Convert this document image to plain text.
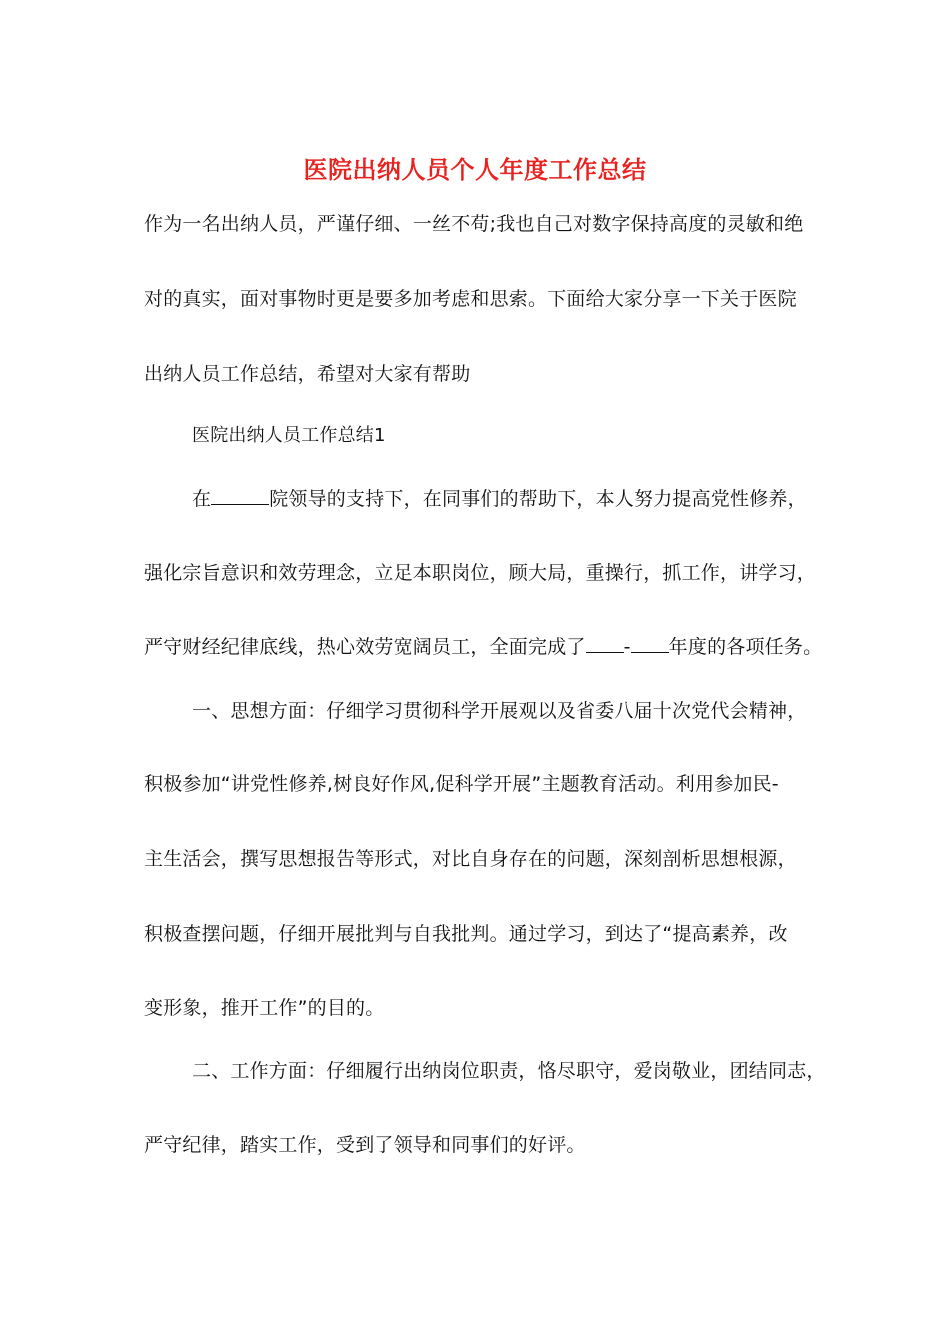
医院出纳人员个人年度工作总结
作为一名出纳人员，严谨仔细、一丝不苟;我也自己对数字保持高度的灵敏和绝
对的真实，面对事物时更是要多加考虑和思索。下面给大家分享一下关于医院
出纳人员工作总结，希望对大家有帮助
医院出纳人员工作总结1
在	院领导的支持下，在同事们的帮助下，本人努力提高党性修养，
强化宗旨意识和效劳理念，立足本职岗位，顾大局，重操行，抓工作，讲学习，
严守财经纪律底线，热心效劳宽阔员工，全面完成了 - 年度的各项任务。
一、思想方面：仔细学习贯彻科学开展观以及省委八届十次党代会精神，
积极参加“讲党性修养,树良好作风,促科学开展”主题教育活动。利用参加民-
主生活会，撰写思想报告等形式，对比自身存在的问题，深刻剖析思想根源，
积极查摆问题，仔细开展批判与自我批判。通过学习，到达了“提高素养，改
变形象，推开工作”的目的。
二、工作方面：仔细履行出纳岗位职责，恪尽职守，爱岗敬业，团结同志，
严守纪律，踏实工作，受到了领导和同事们的好评。
